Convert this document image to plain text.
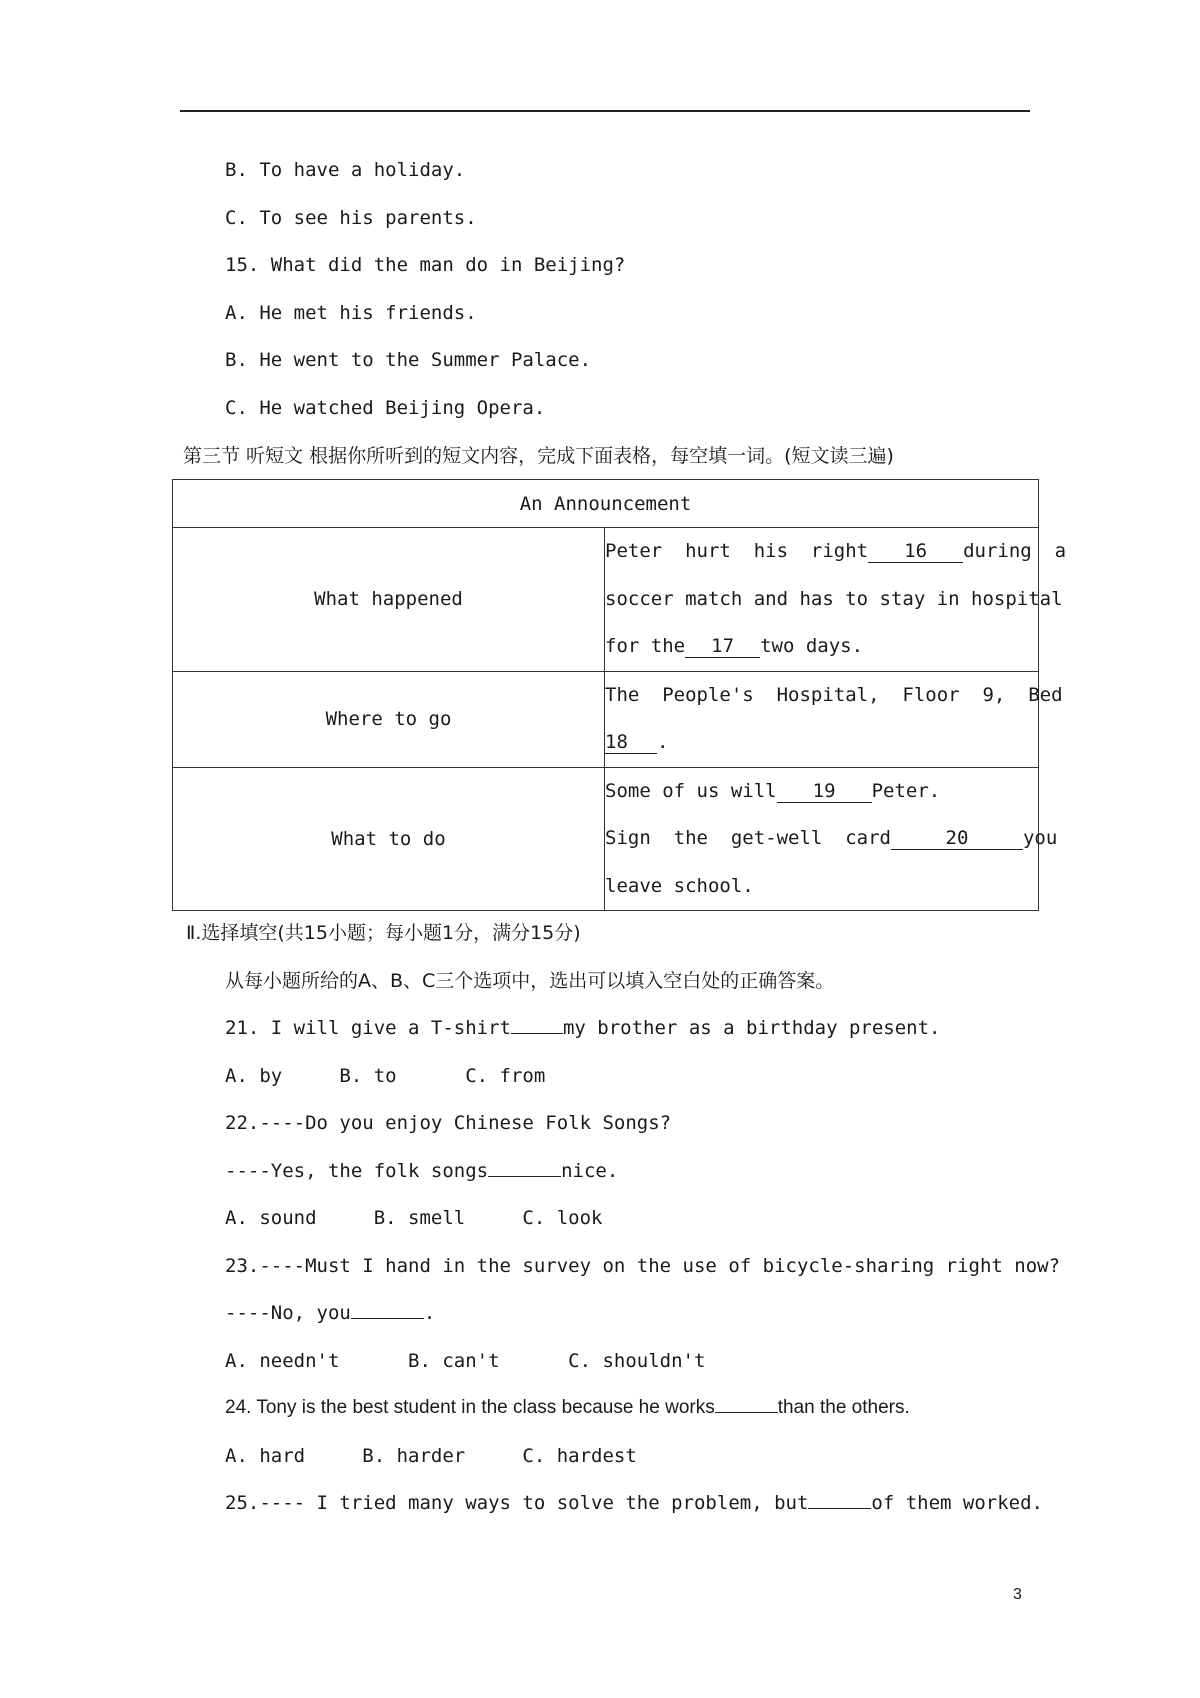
B. To have a holiday.
C. To see his parents.
15. What did the man do in Beijing?
A. He met his friends.
B. He went to the Summer Palace.
C. He watched Beijing Opera.
第三节 听短文 根据你所听到的短文内容，完成下面表格，每空填一词。(短文读三遍)
An Announcement	
What happened	Peter  hurt  his  right 16 during  a
soccer match and has to stay in hospital
for the 17 two days.

Where to go	The  People's  Hospital,  Floor  9,  Bed
18 .

What to do	Some of us will 19 Peter.
Sign  the  get-well  card 20 you
leave school.
Ⅱ.选择填空(共15小题；每小题1分，满分15分)
从每小题所给的A、B、C三个选项中，选出可以填入空白处的正确答案。
21. I will give a T-shirt	my brother as a birthday present.
A. by     B. to      C. from
22.----Do you enjoy Chinese Folk Songs?
----Yes, the folk songs	nice.
A. sound     B. smell     C. look
23.----Must I hand in the survey on the use of bicycle-sharing right now?
----No, you	.
A. needn't      B. can't      C. shouldn't
24. Tony is the best student in the class because he works	than the others.
A. hard     B. harder     C. hardest
25.---- I tried many ways to solve the problem, but	of them worked.
3
